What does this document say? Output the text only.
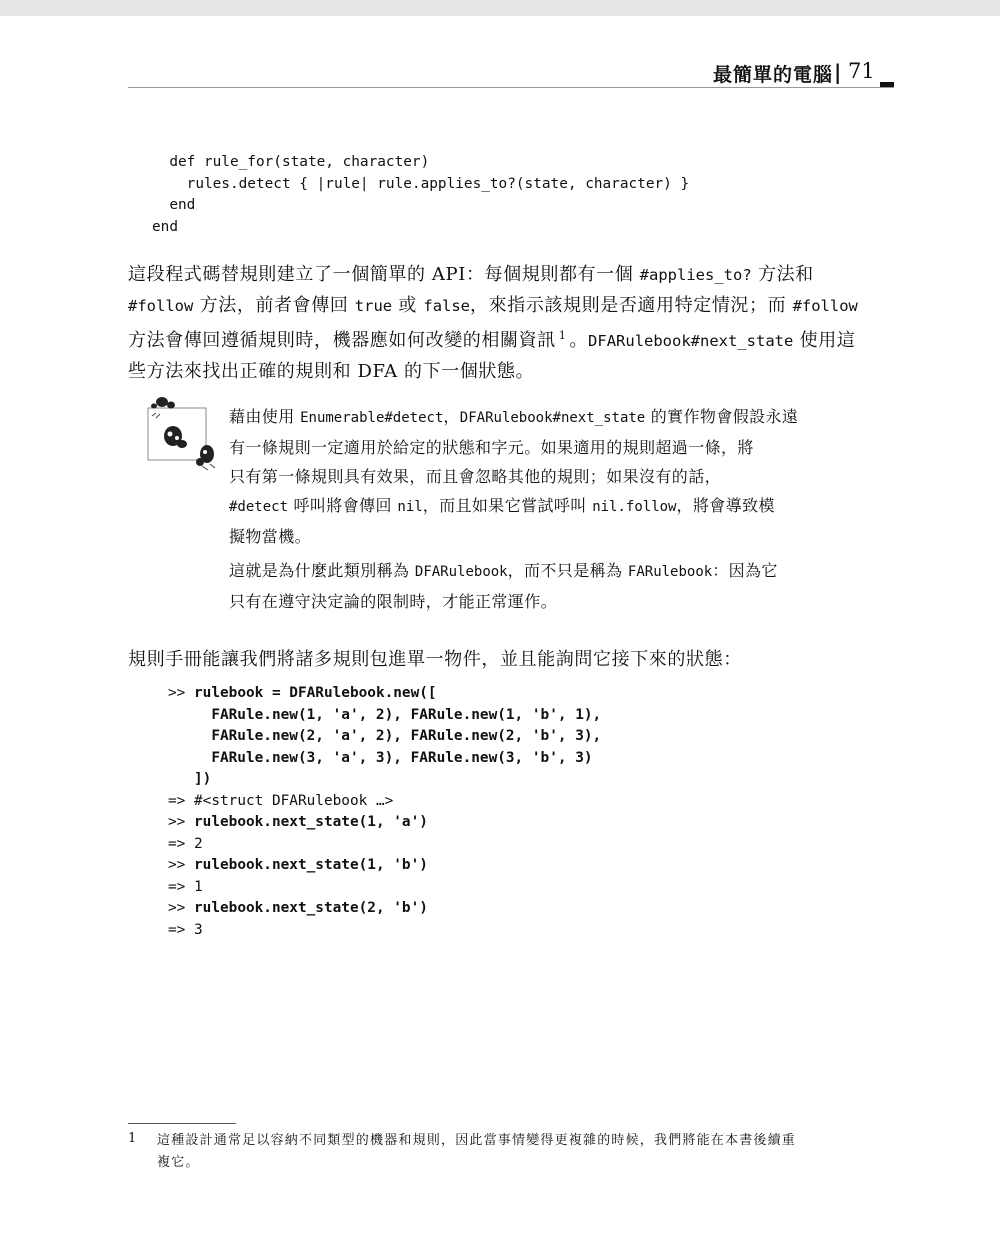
最簡單的電腦 | 71
def rule_for(state, character)
rules.detect { |rule| rule.applies_to?(state, character) }
end
end
這段程式碼替規則建立了一個簡單的 API：每個規則都有一個 #applies_to? 方法和
#follow 方法，前者會傳回 true 或 false，來指示該規則是否適用特定情況；而 #follow
方法會傳回遵循規則時，機器應如何改變的相關資訊 $^1$ 。DFARulebook#next_state 使用這
些方法來找出正確的規則和 DFA 的下一個狀態。
藉由使用 Enumerable#detect，DFARulebook#next_state 的實作物會假設永遠
有一條規則一定適用於給定的狀態和字元。如果適用的規則超過一條，將
只有第一條規則具有效果，而且會忽略其他的規則；如果沒有的話，
#detect 呼叫將會傳回 nil，而且如果它嘗試呼叫 nil.follow，將會導致模
擬物當機。
這就是為什麼此類別稱為 DFARulebook，而不只是稱為 FARulebook：因為它
只有在遵守決定論的限制時，才能正常運作。
規則手冊能讓我們將諸多規則包進單一物件，並且能詢問它接下來的狀態：
>> rulebook = DFARulebook.new([
FARule.new(1, 'a', 2), FARule.new(1, 'b', 1),
FARule.new(2, 'a', 2), FARule.new(2, 'b', 3),
FARule.new(3, 'a', 3), FARule.new(3, 'b', 3)
])
=> #<struct DFARulebook …>
>> rulebook.next_state(1, 'a')
=> 2
>> rulebook.next_state(1, 'b')
=> 1
>> rulebook.next_state(2, 'b')
=> 3
1 這種設計通常足以容納不同類型的機器和規則，因此當事情變得更複雜的時候，我們將能在本書後續重
複它。
